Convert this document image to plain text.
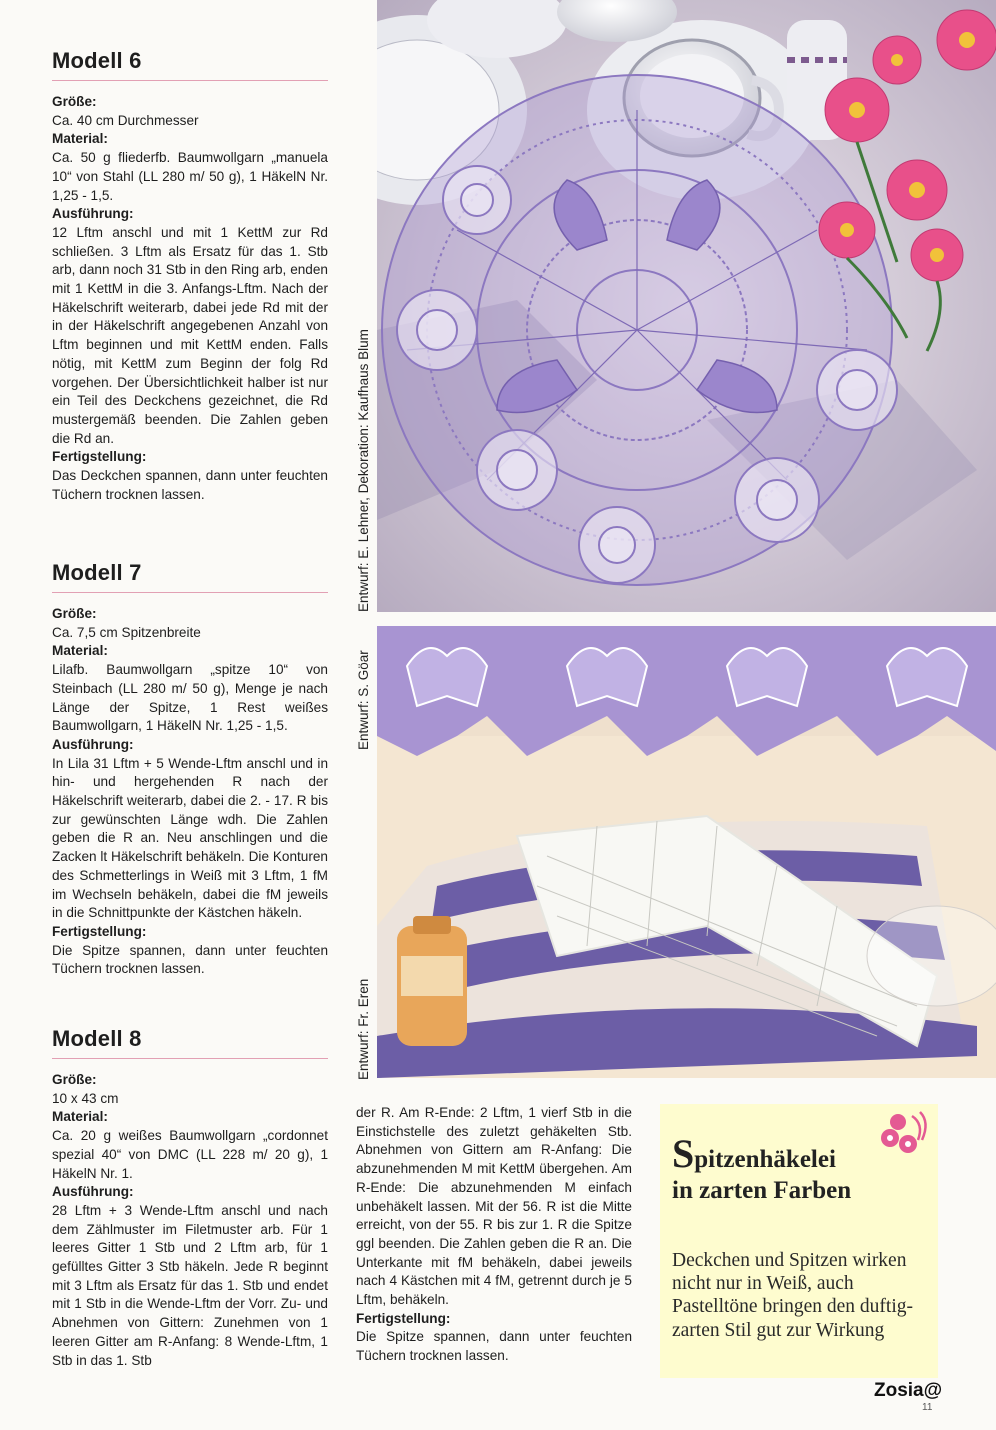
Modell 6
Größe:
Ca. 40 cm Durchmesser
Material:
Ca. 50 g fliederfb. Baumwollgarn „manuela 10“ von Stahl (LL 280 m/ 50 g), 1 HäkelN Nr. 1,25 - 1,5.
Ausführung:
12 Lftm anschl und mit 1 KettM zur Rd schließen. 3 Lftm als Ersatz für das 1. Stb arb, dann noch 31 Stb in den Ring arb, enden mit 1 KettM in die 3. Anfangs-Lftm. Nach der Häkelschrift weiterarb, dabei jede Rd mit der in der Häkelschrift angegebenen Anzahl von Lftm beginnen und mit KettM enden. Falls nötig, mit KettM zum Beginn der folg Rd vorgehen. Der Übersichtlichkeit halber ist nur ein Teil des Deckchens gezeichnet, die Rd mustergemäß beenden. Die Zahlen geben die Rd an.
Fertigstellung:
Das Deckchen spannen, dann unter feuchten Tüchern trocknen lassen.
Modell 7
Größe:
Ca. 7,5 cm Spitzenbreite
Material:
Lilafb. Baumwollgarn „spitze 10“ von Steinbach (LL 280 m/ 50 g), Menge je nach Länge der Spitze, 1 Rest weißes Baumwollgarn, 1 HäkelN Nr. 1,25 - 1,5.
Ausführung:
In Lila 31 Lftm + 5 Wende-Lftm anschl und in hin- und hergehenden R nach der Häkelschrift weiterarb, dabei die 2. - 17. R bis zur gewünschten Länge wdh. Die Zahlen geben die R an. Neu anschlingen und die Zacken lt Häkelschrift behäkeln. Die Konturen des Schmetterlings in Weiß mit 3 Lftm, 1 fM im Wechseln behäkeln, dabei die fM jeweils in die Schnittpunkte der Kästchen häkeln.
Fertigstellung:
Die Spitze spannen, dann unter feuchten Tüchern trocknen lassen.
Modell 8
Größe:
10 x 43 cm
Material:
Ca. 20 g weißes Baumwollgarn „cordonnet spezial 40“ von DMC (LL 228 m/ 20 g), 1 HäkelN Nr. 1.
Ausführung:
28 Lftm + 3 Wende-Lftm anschl und nach dem Zählmuster im Filetmuster arb. Für 1 leeres Gitter 1 Stb und 2 Lftm arb, für 1 gefülltes Gitter 3 Stb häkeln. Jede R beginnt mit 3 Lftm als Ersatz für das 1. Stb und endet mit 1 Stb in die Wende-Lftm der Vorr. Zu- und Abnehmen von Gittern: Zunehmen von 1 leeren Gitter am R-Anfang: 8 Wende-Lftm, 1 Stb in das 1. Stb
Entwurf: E. Lehner, Dekoration: Kaufhaus Blum
Entwurf: S. Göar
Entwurf: Fr. Eren
der R. Am R-Ende: 2 Lftm, 1 vierf Stb in die Einstichstelle des zuletzt gehäkelten Stb. Abnehmen von Gittern am R-Anfang: Die abzunehmenden M mit KettM übergehen. Am R-Ende: Die abzunehmenden M einfach unbehäkelt lassen. Mit der 56. R ist die Mitte erreicht, von der 55. R bis zur 1. R die Spitze ggl beenden. Die Zahlen geben die R an. Die Unterkante mit fM behäkeln, dabei jeweils nach 4 Kästchen mit 4 fM, getrennt durch je 5 Lftm, behäkeln.
Fertigstellung:
Die Spitze spannen, dann unter feuchten Tüchern trocknen lassen.
Spitzenhäkelei
in zarten Farben
Deckchen und Spitzen wirken nicht nur in Weiß, auch Pastelltöne bringen den duftig-zarten Stil gut zur Wirkung
Zosia@
11
